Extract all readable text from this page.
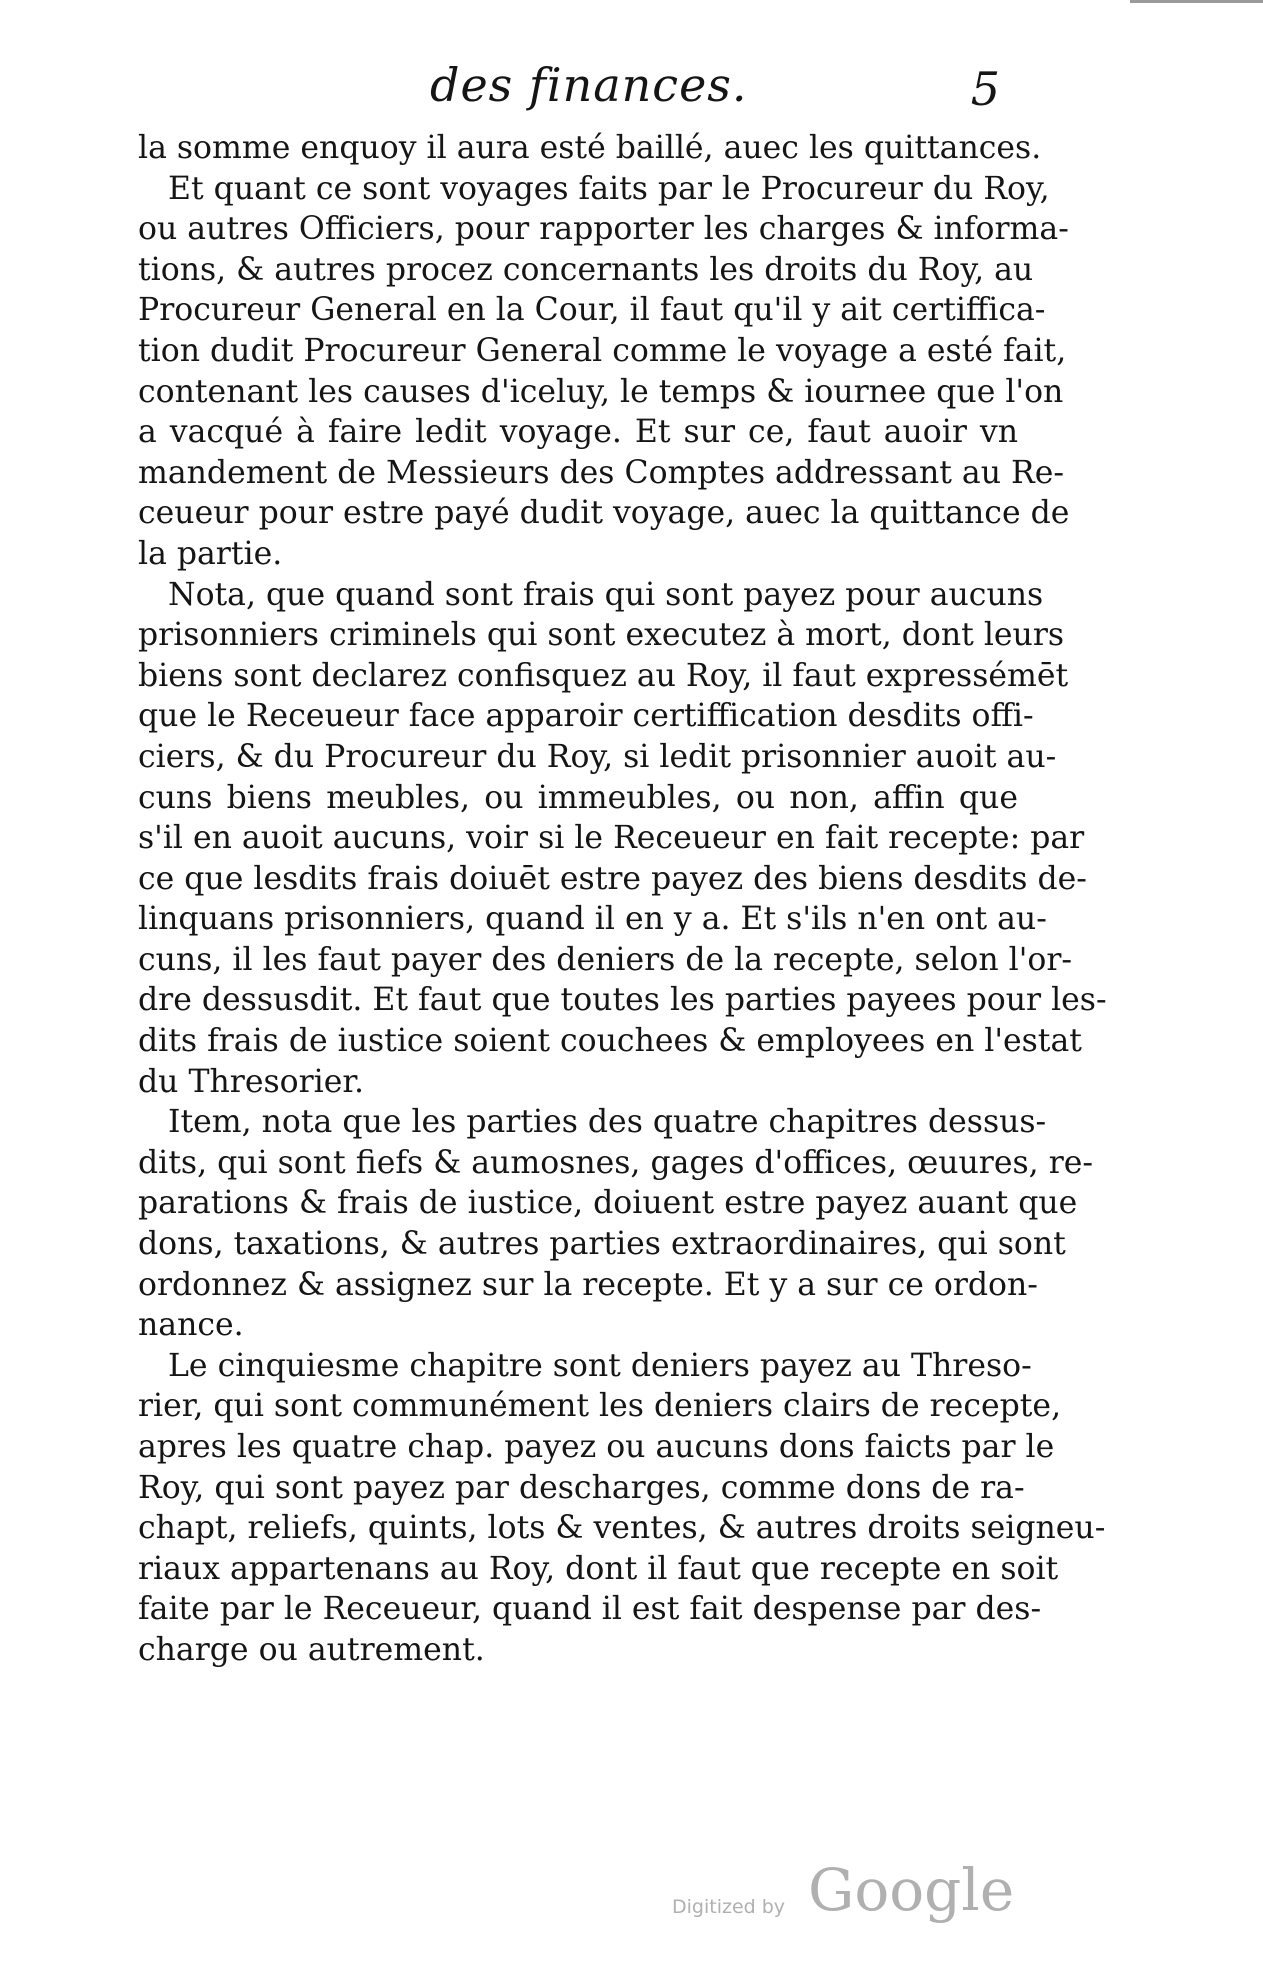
des finances.	5
la somme enquoy il aura esté baillé, auec les quittances.
Et quant ce sont voyages faits par le Procureur du Roy,
ou autres Officiers, pour rapporter les charges & informa-
tions, & autres procez concernants les droits du Roy, au
Procureur General en la Cour, il faut qu'il y ait certiffica-
tion dudit Procureur General comme le voyage a esté fait,
contenant les causes d'iceluy, le temps & iournee que l'on
a vacqué à faire ledit voyage. Et sur ce, faut auoir vn
mandement de Messieurs des Comptes addressant au Re-
ceueur pour estre payé dudit voyage, auec la quittance de
la partie.
Nota, que quand sont frais qui sont payez pour aucuns
prisonniers criminels qui sont executez à mort, dont leurs
biens sont declarez confisquez au Roy, il faut expressémēt
que le Receueur face apparoir certiffication desdits offi-
ciers, & du Procureur du Roy, si ledit prisonnier auoit au-
cuns biens meubles, ou immeubles, ou non, affin que
s'il en auoit aucuns, voir si le Receueur en fait recepte: par
ce que lesdits frais doiuēt estre payez des biens desdits de-
linquans prisonniers, quand il en y a. Et s'ils n'en ont au-
cuns, il les faut payer des deniers de la recepte, selon l'or-
dre dessusdit. Et faut que toutes les parties payees pour les-
dits frais de iustice soient couchees & employees en l'estat
du Thresorier.
Item, nota que les parties des quatre chapitres dessus-
dits, qui sont fiefs & aumosnes, gages d'offices, œuures, re-
parations & frais de iustice, doiuent estre payez auant que
dons, taxations, & autres parties extraordinaires, qui sont
ordonnez & assignez sur la recepte. Et y a sur ce ordon-
nance.
Le cinquiesme chapitre sont deniers payez au Threso-
rier, qui sont communément les deniers clairs de recepte,
apres les quatre chap. payez ou aucuns dons faicts par le
Roy, qui sont payez par descharges, comme dons de ra-
chapt, reliefs, quints, lots & ventes, & autres droits seigneu-
riaux appartenans au Roy, dont il faut que recepte en soit
faite par le Receueur, quand il est fait despense par des-
charge ou autrement.
Digitized by Google
